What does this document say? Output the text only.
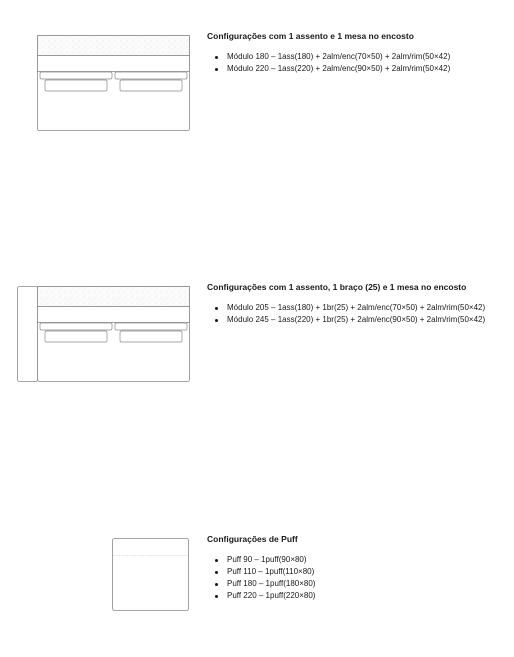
Configurações com 1 assento e 1 mesa no encosto
Módulo 180 – 1ass(180) + 2alm/enc(70×50) + 2alm/rim(50×42)
Módulo 220 – 1ass(220) + 2alm/enc(90×50) + 2alm/rim(50×42)
Configurações com 1 assento, 1 braço (25) e 1 mesa no encosto
Módulo 205 – 1ass(180) + 1br(25) + 2alm/enc(70×50) + 2alm/rim(50×42)
Módulo 245 – 1ass(220) + 1br(25) + 2alm/enc(90×50) + 2alm/rim(50×42)
Configurações de Puff
Puff 90 – 1puff(90×80)
Puff 110 – 1puff(110×80)
Puff 180 – 1puff(180×80)
Puff 220 – 1puff(220×80)
